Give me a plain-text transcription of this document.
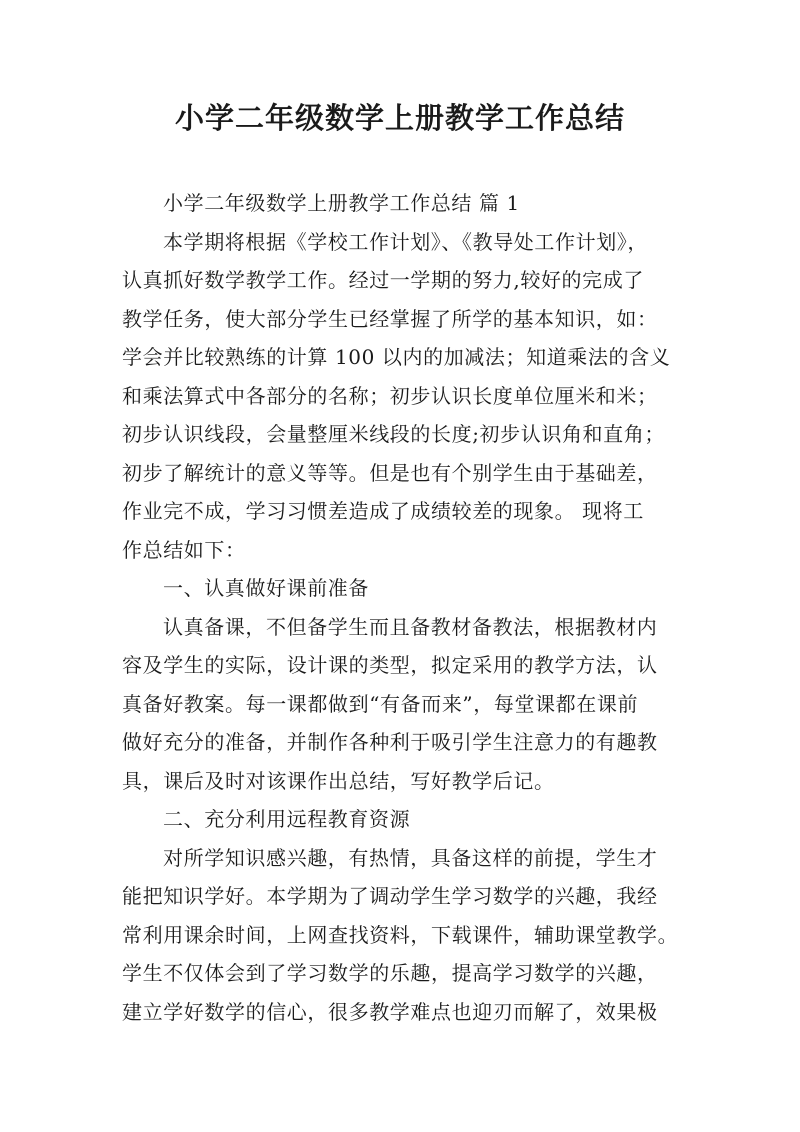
小学二年级数学上册教学工作总结
小学二年级数学上册教学工作总结 篇 1
本学期将根据《学校工作计划》、《教导处工作计划》，
认真抓好数学教学工作。经过一学期的努力,较好的完成了
教学任务，使大部分学生已经掌握了所学的基本知识，如：
学会并比较熟练的计算 100 以内的加减法；知道乘法的含义
和乘法算式中各部分的名称；初步认识长度单位厘米和米；
初步认识线段，会量整厘米线段的长度;初步认识角和直角；
初步了解统计的意义等等。但是也有个别学生由于基础差，
作业完不成，学习习惯差造成了成绩较差的现象。 现将工
作总结如下：
一、认真做好课前准备
认真备课，不但备学生而且备教材备教法，根据教材内
容及学生的实际，设计课的类型，拟定采用的教学方法，认
真备好教案。每一课都做到“有备而来”，每堂课都在课前
做好充分的准备，并制作各种利于吸引学生注意力的有趣教
具，课后及时对该课作出总结，写好教学后记。
二、充分利用远程教育资源
对所学知识感兴趣，有热情，具备这样的前提，学生才
能把知识学好。本学期为了调动学生学习数学的兴趣，我经
常利用课余时间，上网查找资料，下载课件，辅助课堂教学。
学生不仅体会到了学习数学的乐趣，提高学习数学的兴趣，
建立学好数学的信心，很多教学难点也迎刃而解了，效果极
